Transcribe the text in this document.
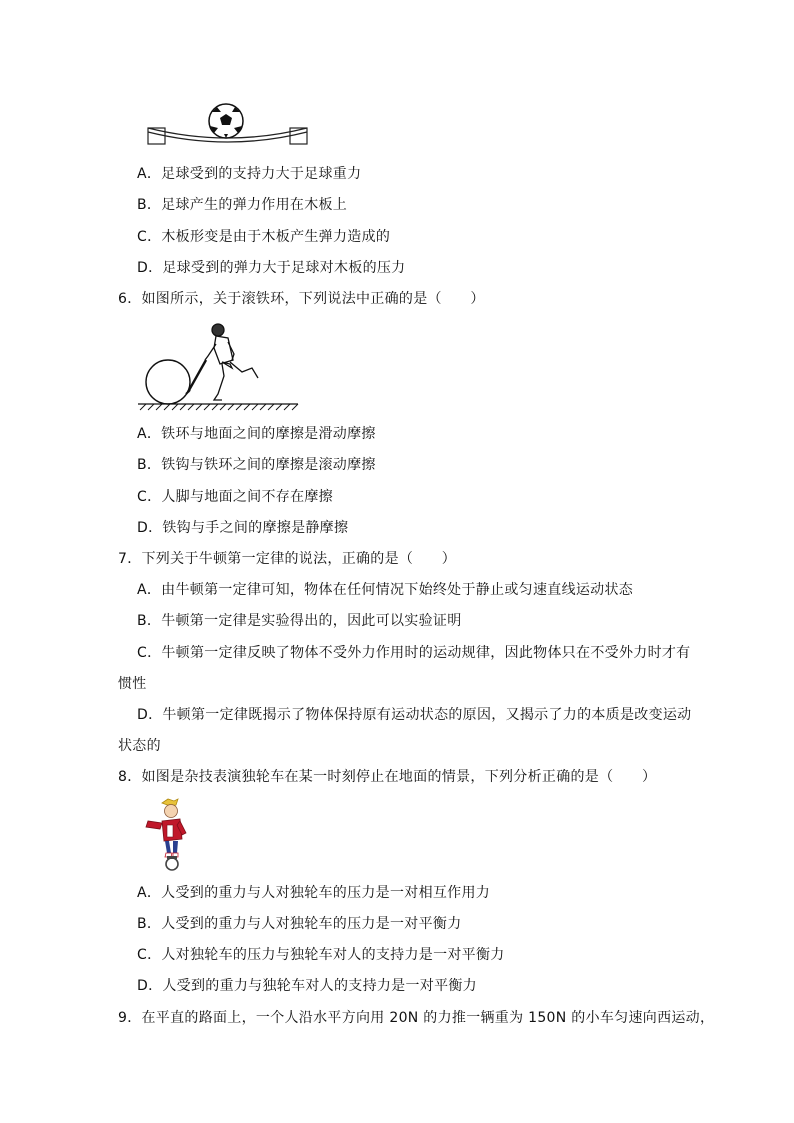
A．足球受到的支持力大于足球重力
B．足球产生的弹力作用在木板上
C．木板形变是由于木板产生弹力造成的
D．足球受到的弹力大于足球对木板的压力
6．如图所示，关于滚铁环，下列说法中正确的是（　　）
A．铁环与地面之间的摩擦是滑动摩擦
B．铁钩与铁环之间的摩擦是滚动摩擦
C．人脚与地面之间不存在摩擦
D．铁钩与手之间的摩擦是静摩擦
7．下列关于牛顿第一定律的说法，正确的是（　　）
A．由牛顿第一定律可知，物体在任何情况下始终处于静止或匀速直线运动状态
B．牛顿第一定律是实验得出的，因此可以实验证明
C．牛顿第一定律反映了物体不受外力作用时的运动规律，因此物体只在不受外力时才有
惯性
D．牛顿第一定律既揭示了物体保持原有运动状态的原因，又揭示了力的本质是改变运动
状态的
8．如图是杂技表演独轮车在某一时刻停止在地面的情景，下列分析正确的是（　　）
A．人受到的重力与人对独轮车的压力是一对相互作用力
B．人受到的重力与人对独轮车的压力是一对平衡力
C．人对独轮车的压力与独轮车对人的支持力是一对平衡力
D．人受到的重力与独轮车对人的支持力是一对平衡力
9．在平直的路面上，一个人沿水平方向用 20N 的力推一辆重为 150N 的小车匀速向西运动，
